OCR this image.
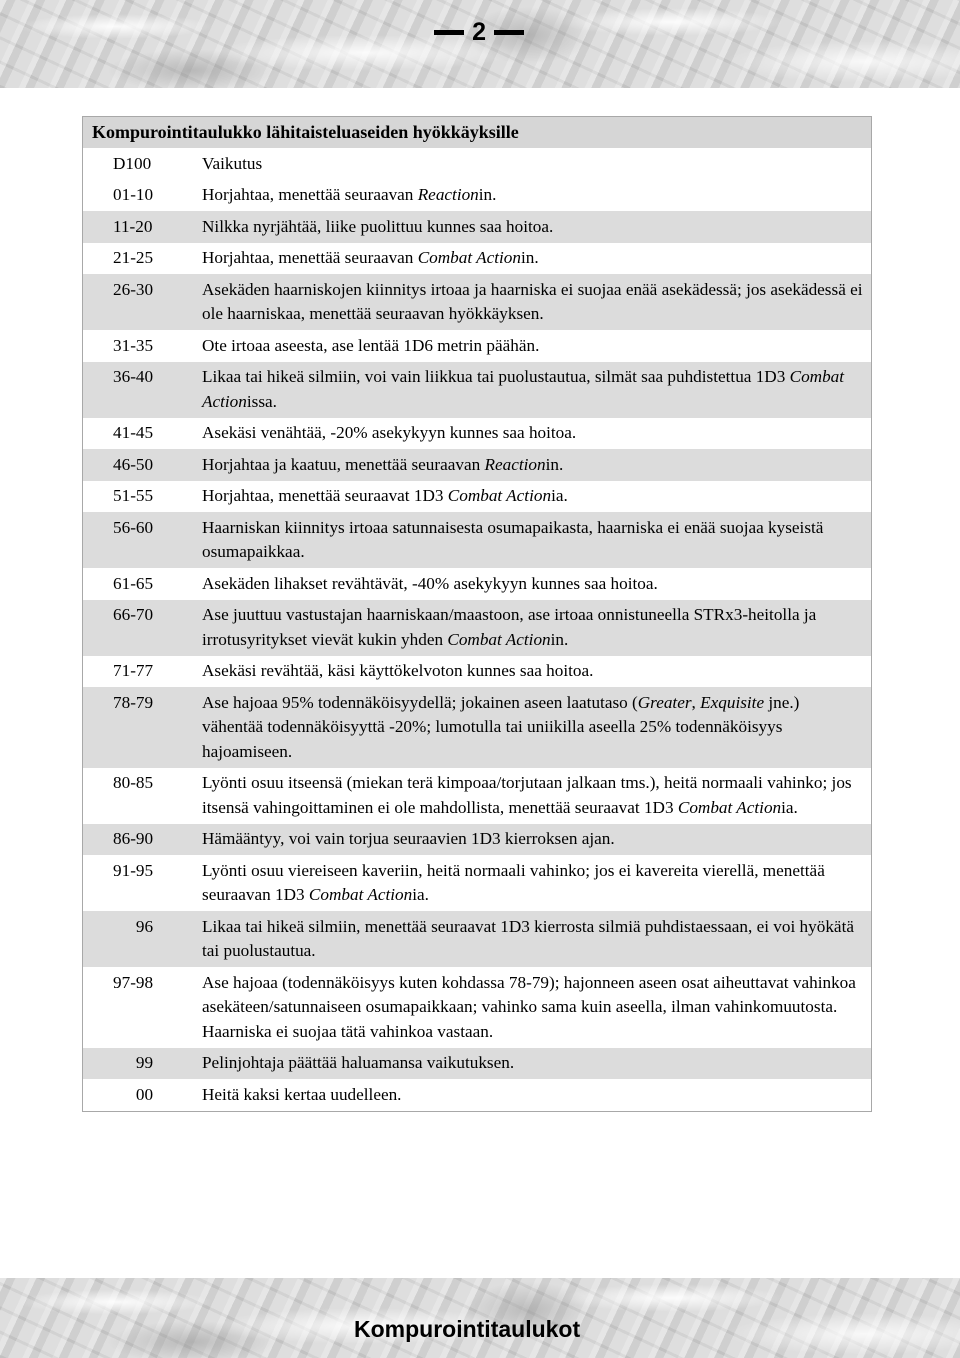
2
Kompurointitaulukko lähitaisteluaseiden hyökkäyksille
D100	Vaikutus
01-10	Horjahtaa, menettää seuraavan Reactionin.
11-20	Nilkka nyrjähtää, liike puolittuu kunnes saa hoitoa.
21-25	Horjahtaa, menettää seuraavan Combat Actionin.
26-30	Asekäden haarniskojen kiinnitys irtoaa ja haarniska ei suojaa enää asekädessä; jos asekädessä ei ole haarniskaa, menettää seuraavan hyökkäyksen.
31-35	Ote irtoaa aseesta, ase lentää 1D6 metrin päähän.
36-40	Likaa tai hikeä silmiin, voi vain liikkua tai puolustautua, silmät saa puhdistettua 1D3 Combat Actionissa.
41-45	Asekäsi venähtää, -20% asekykyyn kunnes saa hoitoa.
46-50	Horjahtaa ja kaatuu, menettää seuraavan Reactionin.
51-55	Horjahtaa, menettää seuraavat 1D3 Combat Actionia.
56-60	Haarniskan kiinnitys irtoaa satunnaisesta osumapaikasta, haarniska ei enää suojaa kyseistä osumapaikkaa.
61-65	Asekäden lihakset revähtävät, -40% asekykyyn kunnes saa hoitoa.
66-70	Ase juuttuu vastustajan haarniskaan/maastoon, ase irtoaa onnistuneella STRx3-heitolla ja irrotusyritykset vievät kukin yhden Combat Actionin.
71-77	Asekäsi revähtää, käsi käyttökelvoton kunnes saa hoitoa.
78-79	Ase hajoaa 95% todennäköisyydellä; jokainen aseen laatutaso (Greater, Exquisite jne.) vähentää todennäköisyyttä -20%; lumotulla tai uniikilla aseella 25% todennäköisyys hajoamiseen.
80-85	Lyönti osuu itseensä (miekan terä kimpoaa/torjutaan jalkaan tms.), heitä normaali vahinko; jos itsensä vahingoittaminen ei ole mahdollista, menettää seuraavat 1D3 Combat Actionia.
86-90	Hämääntyy, voi vain torjua seuraavien 1D3 kierroksen ajan.
91-95	Lyönti osuu viereiseen kaveriin, heitä normaali vahinko; jos ei kavereita vierellä, menettää seuraavan 1D3 Combat Actionia.
96	Likaa tai hikeä silmiin, menettää seuraavat 1D3 kierrosta silmiä puhdistaessaan, ei voi hyökätä tai puolustautua.
97-98	Ase hajoaa (todennäköisyys kuten kohdassa 78-79); hajonneen aseen osat aiheuttavat vahinkoa asekäteen/satunnaiseen osumapaikkaan; vahinko sama kuin aseella, ilman vahinkomuutosta. Haarniska ei suojaa tätä vahinkoa vastaan.
99	Pelinjohtaja päättää haluamansa vaikutuksen.
00	Heitä kaksi kertaa uudelleen.
Kompurointitaulukot
